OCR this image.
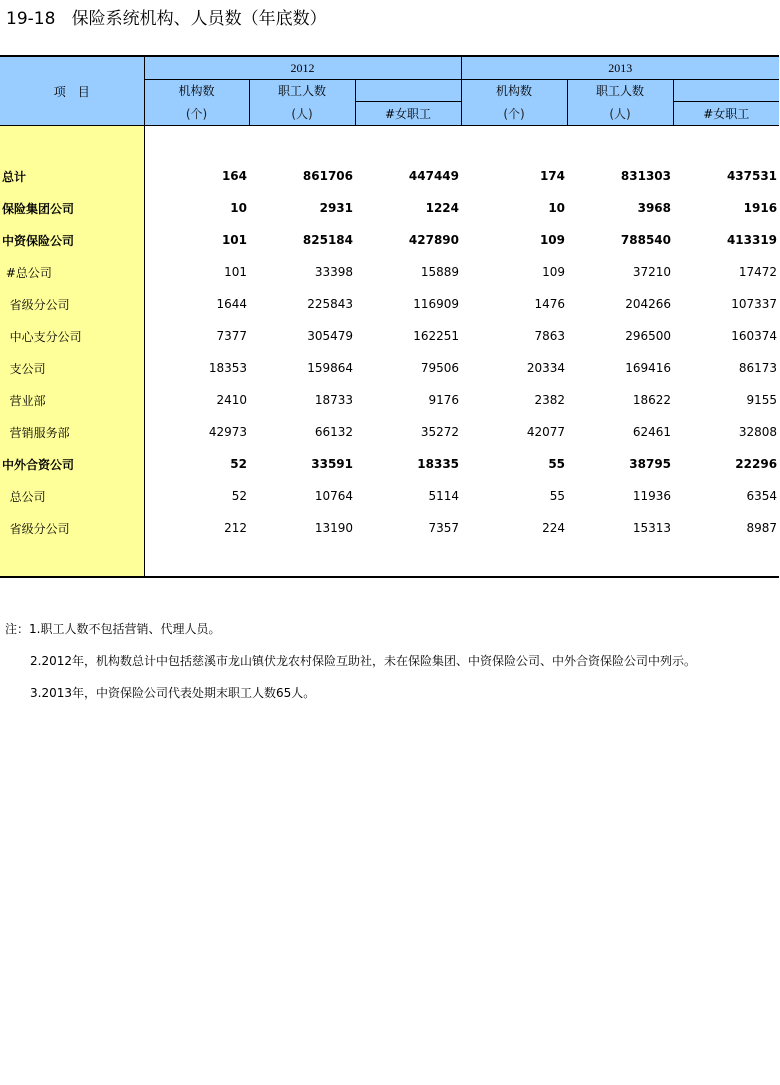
19-18   保险系统机构、人员数（年底数）
项　目	2012			2013		
	机构数	职工人数		机构数	职工人数	
	(个)	(人)	#女职工	(个)	(人)	#女职工

总计	164	861706	447449	174	831303	437531
保险集团公司	10	2931	1224	10	3968	1916
中资保险公司	101	825184	427890	109	788540	413319
#总公司	101	33398	15889	109	37210	17472
省级分公司	1644	225843	116909	1476	204266	107337
中心支分公司	7377	305479	162251	7863	296500	160374
支公司	18353	159864	79506	20334	169416	86173
营业部	2410	18733	9176	2382	18622	9155
营销服务部	42973	66132	35272	42077	62461	32808
中外合资公司	52	33591	18335	55	38795	22296
总公司	52	10764	5114	55	11936	6354
省级分公司	212	13190	7357	224	15313	8987

注：1.职工人数不包括营销、代理人员。
2.2012年，机构数总计中包括慈溪市龙山镇伏龙农村保险互助社，未在保险集团、中资保险公司、中外合资保险公司中列示。
3.2013年，中资保险公司代表处期末职工人数65人。
